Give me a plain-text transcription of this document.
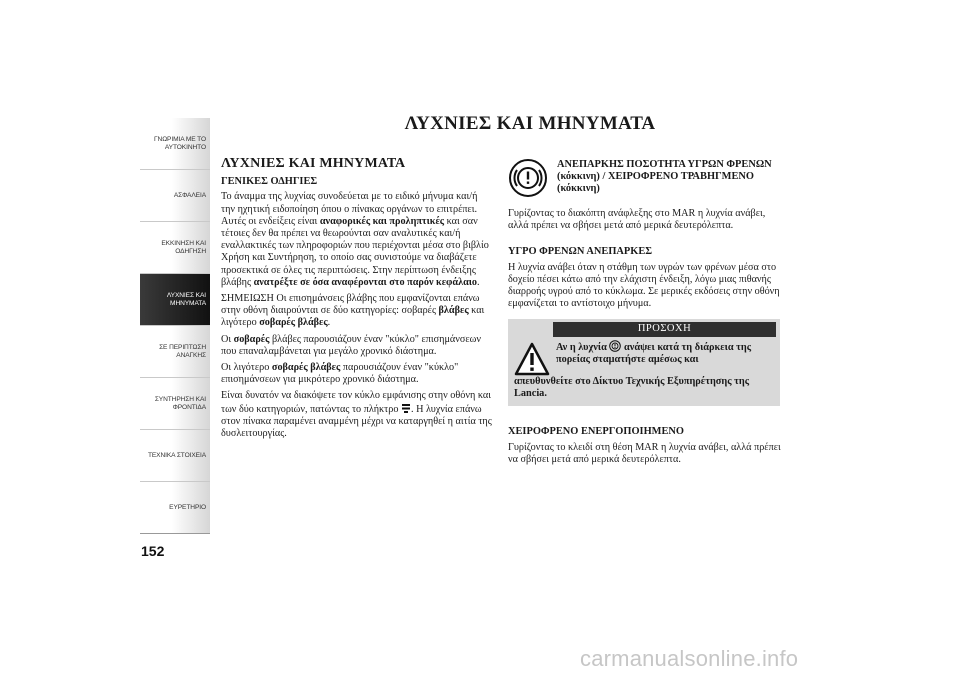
ΓΝΩΡΙΜΙΑ ΜΕ ΤΟ ΑΥΤΟΚΙΝΗΤΟ
ΑΣΦΑΛΕΙΑ
ΕΚΚΙΝΗΣΗ ΚΑΙ ΟΔΗΓΗΣΗ
ΛΥΧΝΙΕΣ ΚΑΙ ΜΗΝΥΜΑΤΑ
ΣΕ ΠΕΡΙΠΤΩΣΗ ΑΝΑΓΚΗΣ
ΣΥΝΤΗΡΗΣΗ ΚΑΙ ΦΡΟΝΤΙΔΑ
ΤΕΧΝΙΚΑ ΣΤΟΙΧΕΙΑ
ΕΥΡΕΤΗΡΙΟ
152
ΛΥΧΝΙΕΣ ΚΑΙ ΜΗΝΥΜΑΤΑ
ΛΥΧΝΙΕΣ ΚΑΙ ΜΗΝΥΜΑΤΑ
ΓΕΝΙΚΕΣ ΟΔΗΓΙΕΣ

Το άναμμα της λυχνίας συνοδεύεται με το ειδικό μήνυμα και/ή την ηχητική ειδοποίηση όπου ο πίνακας οργάνων το επιτρέπει. Αυτές οι ενδείξεις είναι αναφορικές και προληπτικές και σαν τέτοιες δεν θα πρέπει να θεωρούνται σαν αναλυτικές και/ή εναλλακτικές των πληροφοριών που περιέχονται μέσα στο βιβλίο Χρήση και Συντήρηση, το οποίο σας συνιστούμε να διαβάζετε προσεκτικά σε όλες τις περιπτώσεις. Στην περίπτωση ένδειξης βλάβης ανατρέξτε σε όσα αναφέρονται στο παρόν κεφάλαιο.

ΣΗΜΕΙΩΣΗ Οι επισημάνσεις βλάβης που εμφανίζονται επάνω στην οθόνη διαιρούνται σε δύο κατηγορίες: σοβαρές βλάβες και λιγότερο σοβαρές βλάβες.

Οι σοβαρές βλάβες παρουσιάζουν έναν "κύκλο" επισημάνσεων που επαναλαμβάνεται για μεγάλο χρονικό διάστημα.

Οι λιγότερο σοβαρές βλάβες παρουσιάζουν έναν "κύκλο" επισημάνσεων για μικρότερο χρονικό διάστημα.

Είναι δυνατόν να διακόψετε τον κύκλο εμφάνισης στην οθόνη και των δύο κατηγοριών, πατώντας το πλήκτρο . Η λυχνία επάνω στον πίνακα παραμένει αναμμένη μέχρι να καταργηθεί η αιτία της δυσλειτουργίας.

ΑΝΕΠΑΡΚΗΣ ΠΟΣΟΤΗΤΑ ΥΓΡΩΝ ΦΡΕΝΩΝ (κόκκινη) / ΧΕΙΡΟΦΡΕΝΟ ΤΡΑΒΗΓΜΕΝΟ (κόκκινη)

Γυρίζοντας το διακόπτη ανάφλεξης στο MAR η λυχνία ανάβει, αλλά πρέπει να σβήσει μετά από μερικά δευτερόλεπτα.

ΥΓΡΟ ΦΡΕΝΩΝ ΑΝΕΠΑΡΚΕΣ

Η λυχνία ανάβει όταν η στάθμη των υγρών των φρένων μέσα στο δοχείο πέσει κάτω από την ελάχιστη ένδειξη, λόγω μιας πιθανής διαρροής υγρού από το κύκλωμα. Σε μερικές εκδόσεις στην οθόνη εμφανίζεται το αντίστοιχο μήνυμα.

ΠΡΟΣΟΧΗ
Αν η λυχνία  ανάψει κατά τη διάρκεια της πορείας σταματήστε αμέσως και
απευθυνθείτε στο Δίκτυο Τεχνικής Εξυπηρέτησης της Lancia.
ΧΕΙΡΟΦΡΕΝΟ ΕΝΕΡΓΟΠΟΙΗΜΕΝΟ

Γυρίζοντας το κλειδί στη θέση MAR η λυχνία ανάβει, αλλά πρέπει να σβήσει μετά από μερικά δευτερόλεπτα.

carmanualsonline.info
